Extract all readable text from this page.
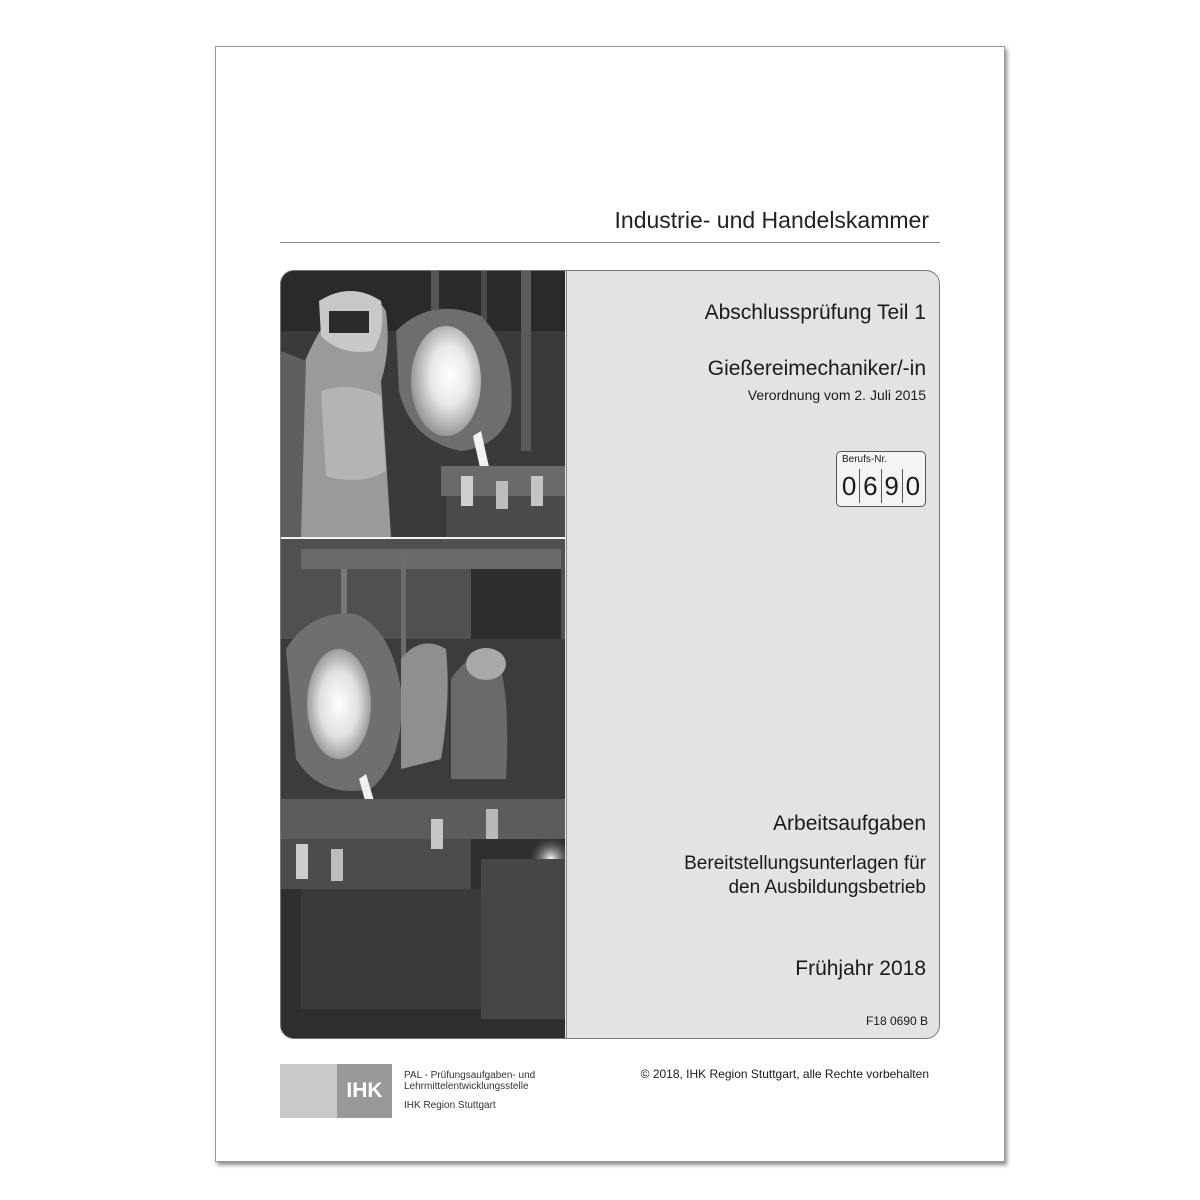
Industrie- und Handelskammer
Abschlussprüfung Teil 1
Gießereimechaniker/-in
Verordnung vom 2. Juli 2015
Berufs-Nr.
0 6 9 0
Arbeitsaufgaben
Bereitstellungsunterlagen für
den Ausbildungsbetrieb
Frühjahr 2018
F18 0690 B
IHK
PAL - Prüfungsaufgaben- und
Lehrmittelentwicklungsstelle
IHK Region Stuttgart
© 2018, IHK Region Stuttgart, alle Rechte vorbehalten
